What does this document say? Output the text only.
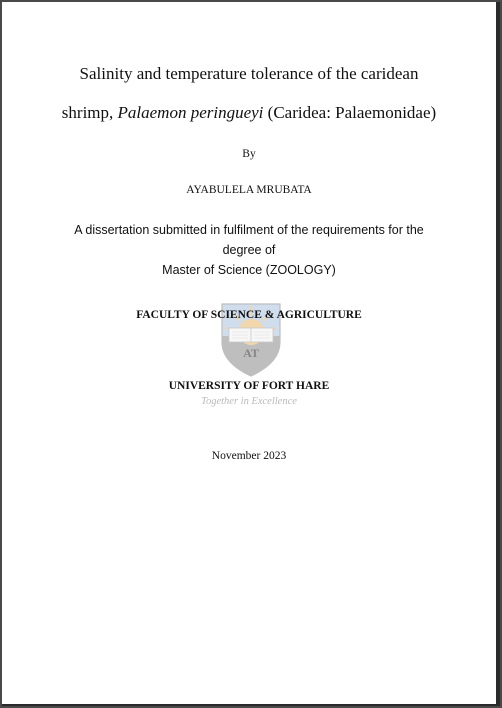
Salinity and temperature tolerance of the caridean
shrimp, Palaemon peringueyi (Caridea: Palaemonidae)
By
AYABULELA MRUBATA
A dissertation submitted in fulfilment of the requirements for the
degree of
Master of Science (ZOOLOGY)
AT
FACULTY OF SCIENCE & AGRICULTURE
UNIVERSITY OF FORT HARE
Together in Excellence
November 2023
